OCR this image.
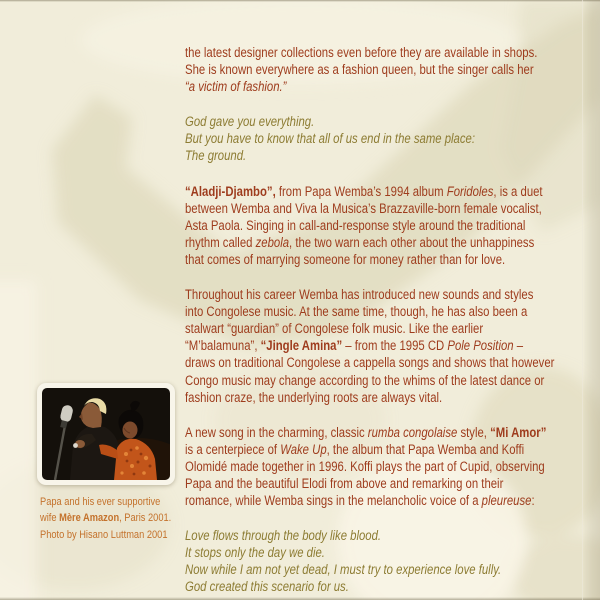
Papa and his ever supportive
wife Mère Amazon, Paris 2001.
Photo by Hisano Luttman 2001
the latest designer collections even before they are available in shops.
She is known everywhere as a fashion queen, but the singer calls her
“a victim of fashion.”
God gave you everything.
But you have to know that all of us end in the same place:
The ground.
“Aladji-Djambo”, from Papa Wemba’s 1994 album Foridoles, is a duet
between Wemba and Viva la Musica’s Brazzaville-born female vocalist,
Asta Paola. Singing in call-and-response style around the traditional
rhythm called zebola, the two warn each other about the unhappiness
that comes of marrying someone for money rather than for love.
Throughout his career Wemba has introduced new sounds and styles
into Congolese music. At the same time, though, he has also been a
stalwart “guardian” of Congolese folk music. Like the earlier
“M’balamuna”, “Jingle Amina” – from the 1995 CD Pole Position –
draws on traditional Congolese a cappella songs and shows that however
Congo music may change according to the whims of the latest dance or
fashion craze, the underlying roots are always vital.
A new song in the charming, classic rumba congolaise style, “Mi Amor”
is a centerpiece of Wake Up, the album that Papa Wemba and Koffi
Olomidé made together in 1996. Koffi plays the part of Cupid, observing
Papa and the beautiful Elodi from above and remarking on their
romance, while Wemba sings in the melancholic voice of a pleureuse:
Love flows through the body like blood.
It stops only the day we die.
Now while I am not yet dead, I must try to experience love fully.
God created this scenario for us.
